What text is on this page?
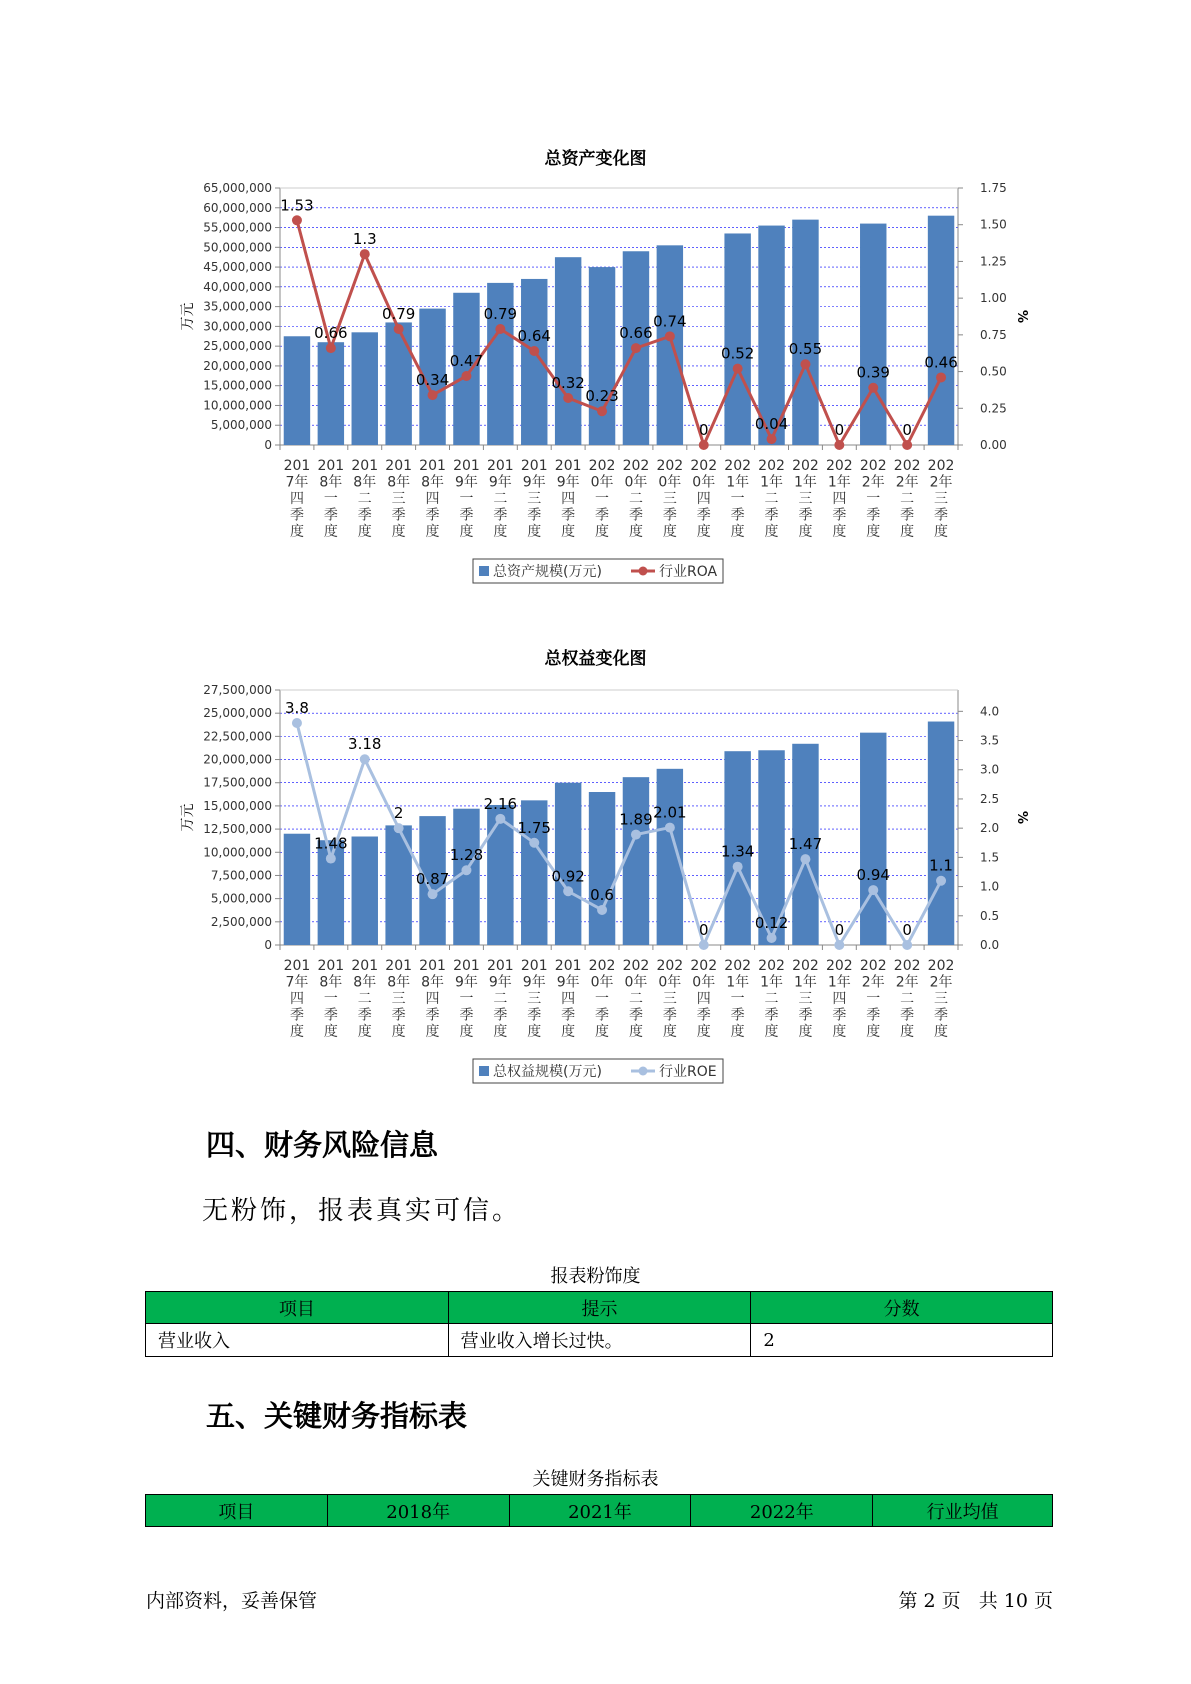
总资产变化图
65,000,000
60,000,000
55,000,000
50,000,000
45,000,000
40,000,000
35,000,000
30,000,000
25,000,000
20,000,000
15,000,000
10,000,000
5,000,000
0
1.75
1.50
1.25
1.00
0.75
0.50
0.25
0.00
万元	%
201
7年
四
季
度
201
8年
一
季
度
201
8年
二
季
度
201
8年
三
季
度
201
8年
四
季
度
201
9年
一
季
度
201
9年
二
季
度
201
9年
三
季
度
201
9年
四
季
度
202
0年
一
季
度
202
0年
二
季
度
202
0年
三
季
度
202
0年
四
季
度
202
1年
一
季
度
202
1年
二
季
度
202
1年
三
季
度
202
1年
四
季
度
202
2年
一
季
度
202
2年
二
季
度
202
2年
三
季
度
1.53
0.66
1.3
0.79
0.34
0.47
0.79
0.64
0.32
0.23
0.66
0.74
0
0.52
0.04
0.55
0
0.39
0
0.46
总资产规模(万元)	行业ROA
总权益变化图
27,500,000
25,000,000
22,500,000
20,000,000
17,500,000
15,000,000
12,500,000
10,000,000
7,500,000
5,000,000
2,500,000
0
4.0
3.5
3.0
2.5
2.0
1.5
1.0
0.5
0.0
万元	%
201
7年
四
季
度
201
8年
一
季
度
201
8年
二
季
度
201
8年
三
季
度
201
8年
四
季
度
201
9年
一
季
度
201
9年
二
季
度
201
9年
三
季
度
201
9年
四
季
度
202
0年
一
季
度
202
0年
二
季
度
202
0年
三
季
度
202
0年
四
季
度
202
1年
一
季
度
202
1年
二
季
度
202
1年
三
季
度
202
1年
四
季
度
202
2年
一
季
度
202
2年
二
季
度
202
2年
三
季
度
3.8
1.48
3.18
2
0.87
1.28
2.16
1.75
0.92
0.6
1.89 2.01
0
1.34
0.12
1.47
0
0.94
0
1.1
总权益规模(万元)	行业ROE
四、财务风险信息

无粉饰，报表真实可信。

报表粉饰度
项目	提示	分数
营业收入	营业收入增长过快。	2
五、关键财务指标表
关键财务指标表
项目	2018年	2021年	2022年	行业均值
内部资料，妥善保管	第 2 页   共 10 页
